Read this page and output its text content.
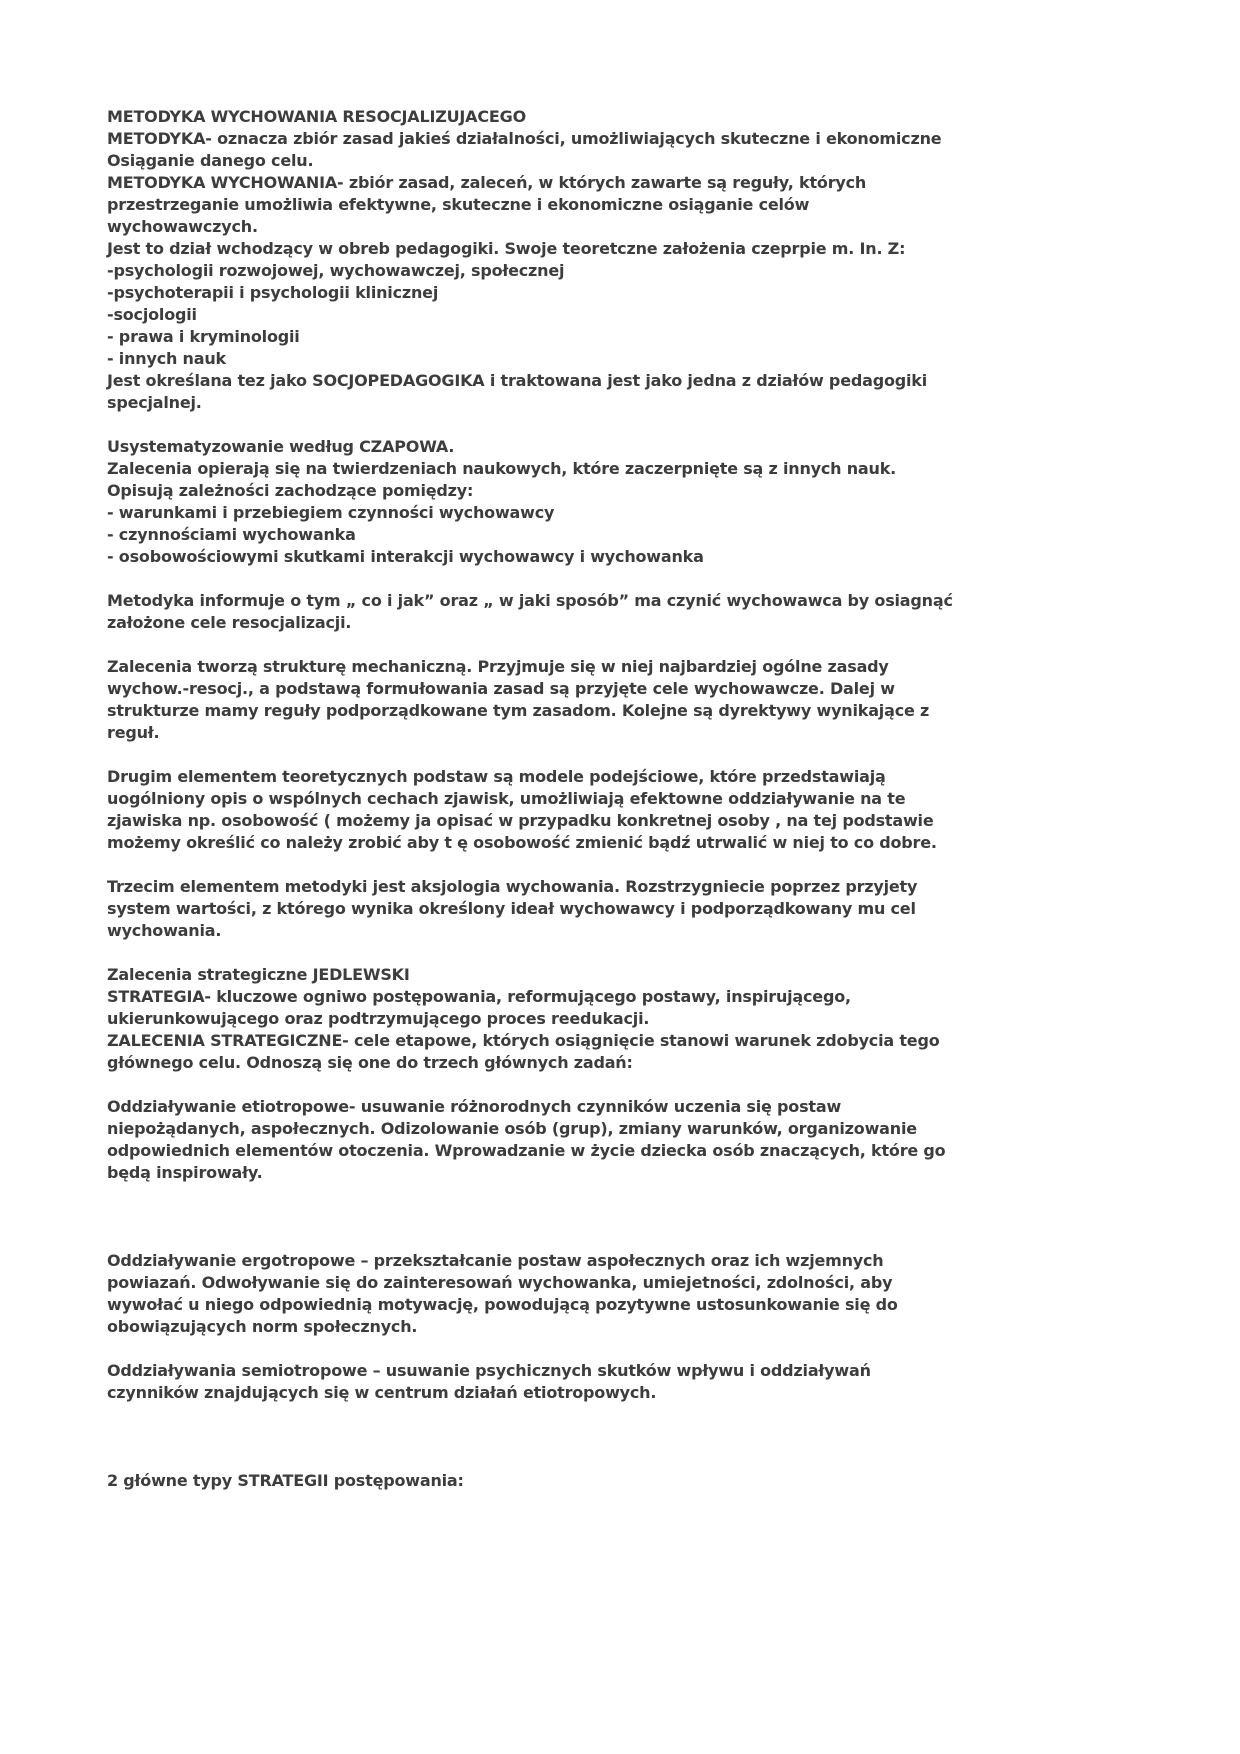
METODYKA WYCHOWANIA RESOCJALIZUJACEGO
METODYKA- oznacza zbiór zasad jakieś działalności, umożliwiających skuteczne i ekonomiczne
Osiąganie danego celu.
METODYKA WYCHOWANIA- zbiór zasad, zaleceń, w których zawarte są reguły, których
przestrzeganie umożliwia efektywne, skuteczne i ekonomiczne osiąganie celów
wychowawczych.
Jest to dział wchodzący w obreb pedagogiki. Swoje teoretczne założenia czeprpie m. In. Z:
-psychologii rozwojowej, wychowawczej, społecznej
-psychoterapii i psychologii klinicznej
-socjologii
- prawa i kryminologii
- innych nauk
Jest określana tez jako SOCJOPEDAGOGIKA i traktowana jest jako jedna z działów pedagogiki
specjalnej.
Usystematyzowanie według CZAPOWA.
Zalecenia opierają się na twierdzeniach naukowych, które zaczerpnięte są z innych nauk.
Opisują zależności zachodzące pomiędzy:
- warunkami i przebiegiem czynności wychowawcy
- czynnościami wychowanka
- osobowościowymi skutkami interakcji wychowawcy i wychowanka
Metodyka informuje o tym „ co i jak” oraz „ w jaki sposób” ma czynić wychowawca by osiagnąć
założone cele resocjalizacji.
Zalecenia tworzą strukturę mechaniczną. Przyjmuje się w niej najbardziej ogólne zasady
wychow.-resocj., a podstawą formułowania zasad są przyjęte cele wychowawcze. Dalej w
strukturze mamy reguły podporządkowane tym zasadom. Kolejne są dyrektywy wynikające z
reguł.
Drugim elementem teoretycznych podstaw są modele podejściowe, które przedstawiają
uogólniony opis o wspólnych cechach zjawisk, umożliwiają efektowne oddziaływanie na te
zjawiska np. osobowość ( możemy ja opisać w przypadku konkretnej osoby , na tej podstawie
możemy określić co należy zrobić aby t ę osobowość zmienić bądź utrwalić w niej to co dobre.
Trzecim elementem metodyki jest aksjologia wychowania. Rozstrzygniecie poprzez przyjety
system wartości, z którego wynika określony ideał wychowawcy i podporządkowany mu cel
wychowania.
Zalecenia strategiczne JEDLEWSKI
STRATEGIA- kluczowe ogniwo postępowania, reformującego postawy, inspirującego,
ukierunkowującego oraz podtrzymującego proces reedukacji.
ZALECENIA STRATEGICZNE- cele etapowe, których osiągnięcie stanowi warunek zdobycia tego
głównego celu. Odnoszą się one do trzech głównych zadań:
Oddziaływanie etiotropowe- usuwanie różnorodnych czynników uczenia się postaw
niepożądanych, aspołecznych. Odizolowanie osób (grup), zmiany warunków, organizowanie
odpowiednich elementów otoczenia. Wprowadzanie w życie dziecka osób znaczących, które go
będą inspirowały.
Oddziaływanie ergotropowe – przekształcanie postaw aspołecznych oraz ich wzjemnych
powiazań. Odwoływanie się do zainteresowań wychowanka, umiejetności, zdolności, aby
wywołać u niego odpowiednią motywację, powodującą pozytywne ustosunkowanie się do
obowiązujących norm społecznych.
Oddziaływania semiotropowe – usuwanie psychicznych skutków wpływu i oddziaływań
czynników znajdujących się w centrum działań etiotropowych.
2 główne typy STRATEGII postępowania:
